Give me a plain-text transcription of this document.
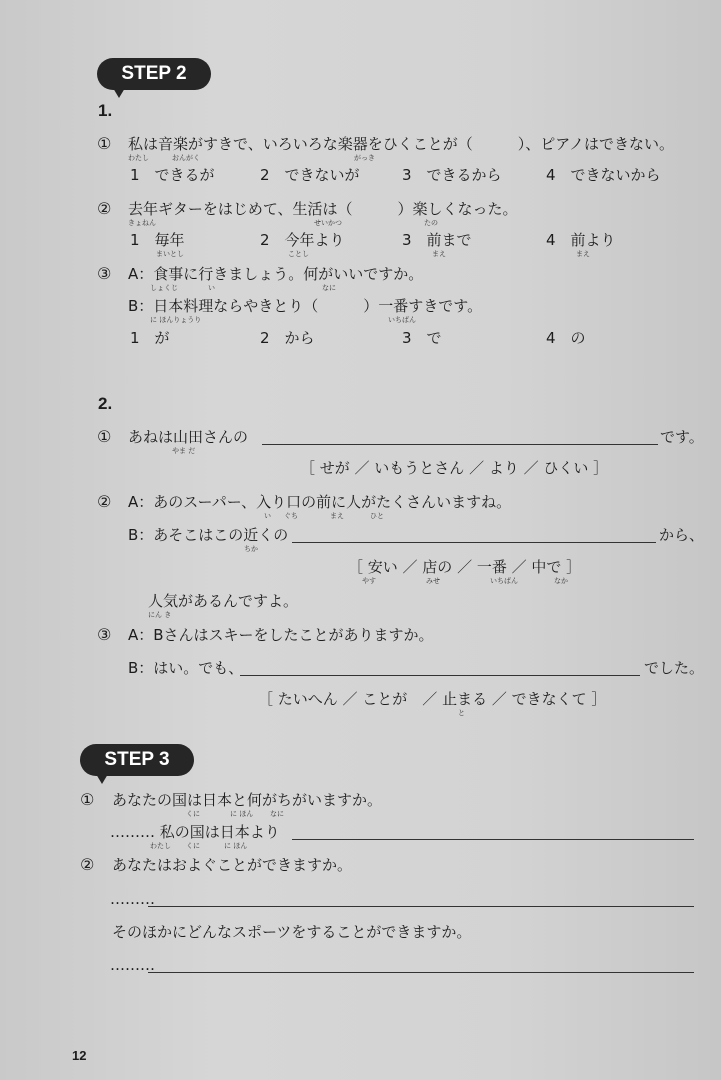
STEP 2
1.
① 私は音楽がすきで、いろいろな楽器をひくことが（　　　）、ピアノはできない。
わたし	おんがく	がっき
1　できるが	2　できないが	3　できるから	4　できないから
② 去年ギターをはじめて、生活は（　　　）楽しくなった。
きょねん	せいかつ	たの
1　毎年	2　今年より	3　前まで	4　前より
まいとし	ことし	まえ	まえ
③ A：食事に行きましょう。何がいいですか。
しょくじ	い	なに
B：日本料理ならやきとり（　　　）一番すきです。
に ほんりょうり	いちばん
1　が	2　から	3　で	4　の
2.
① あねは山田さんの
やま だ
です。
［ せが ／ いもうとさん ／ より ／ ひくい ］
② A：あのスーパー、入り口の前に人がたくさんいますね。
い ぐち	まえ	ひと
B：あそこはこの近くの
ちか
から、
［ 安い ／ 店の ／ 一番 ／ 中で ］
やす	みせ	いちばん	なか
人気があるんですよ。
にん き
③ A：Bさんはスキーをしたことがありますか。
B：はい。でも、	でした。
［ たいへん ／ ことが　／ 止まる ／ できなくて ］
と
STEP 3
① あなたの国は日本と何がちがいますか。
くに	に ほん なに
……… 私の国は日本より
わたし くに	に ほん
② あなたはおよぐことができますか。
………
そのほかにどんなスポーツをすることができますか。
………
12
